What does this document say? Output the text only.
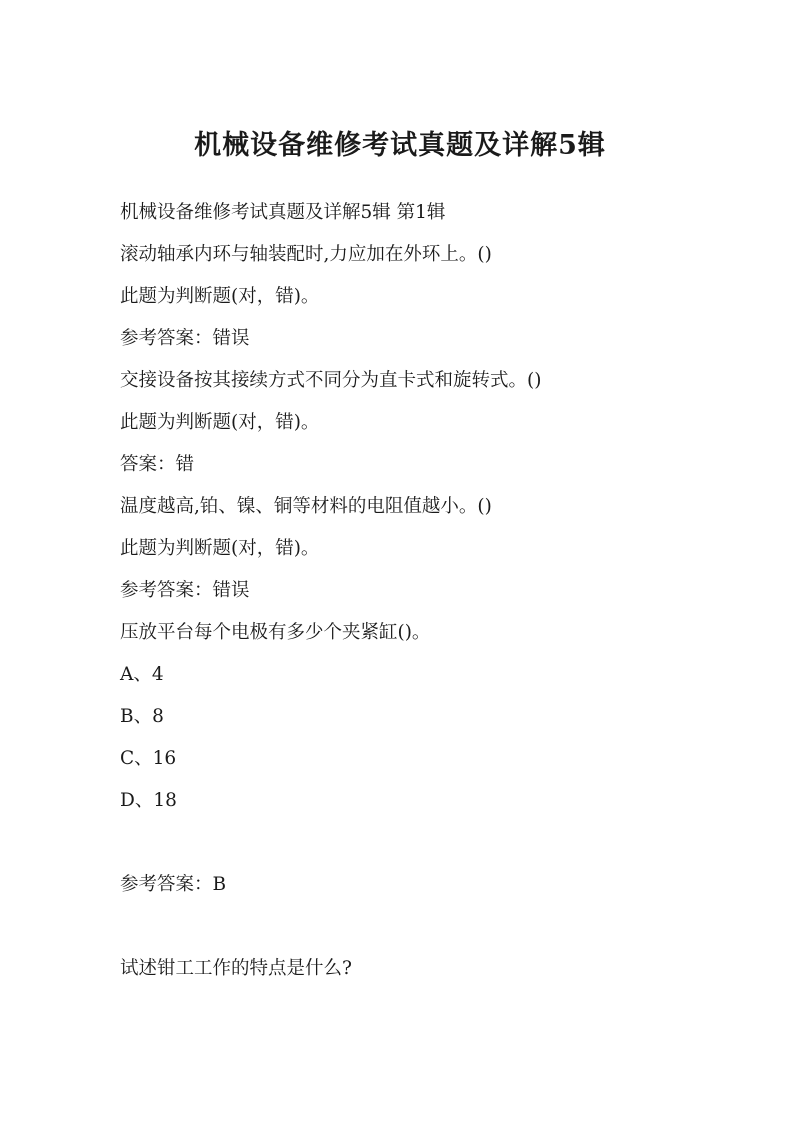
机械设备维修考试真题及详解5辑

机械设备维修考试真题及详解5辑 第1辑

滚动轴承内环与轴装配时,力应加在外环上。()

此题为判断题(对，错)。

参考答案：错误

交接设备按其接续方式不同分为直卡式和旋转式。()

此题为判断题(对，错)。

答案：错

温度越高,铂、镍、铜等材料的电阻值越小。()

此题为判断题(对，错)。

参考答案：错误

压放平台每个电极有多少个夹紧缸()。

A、4

B、8

C、16

D、18

参考答案：B

试述钳工工作的特点是什么?
